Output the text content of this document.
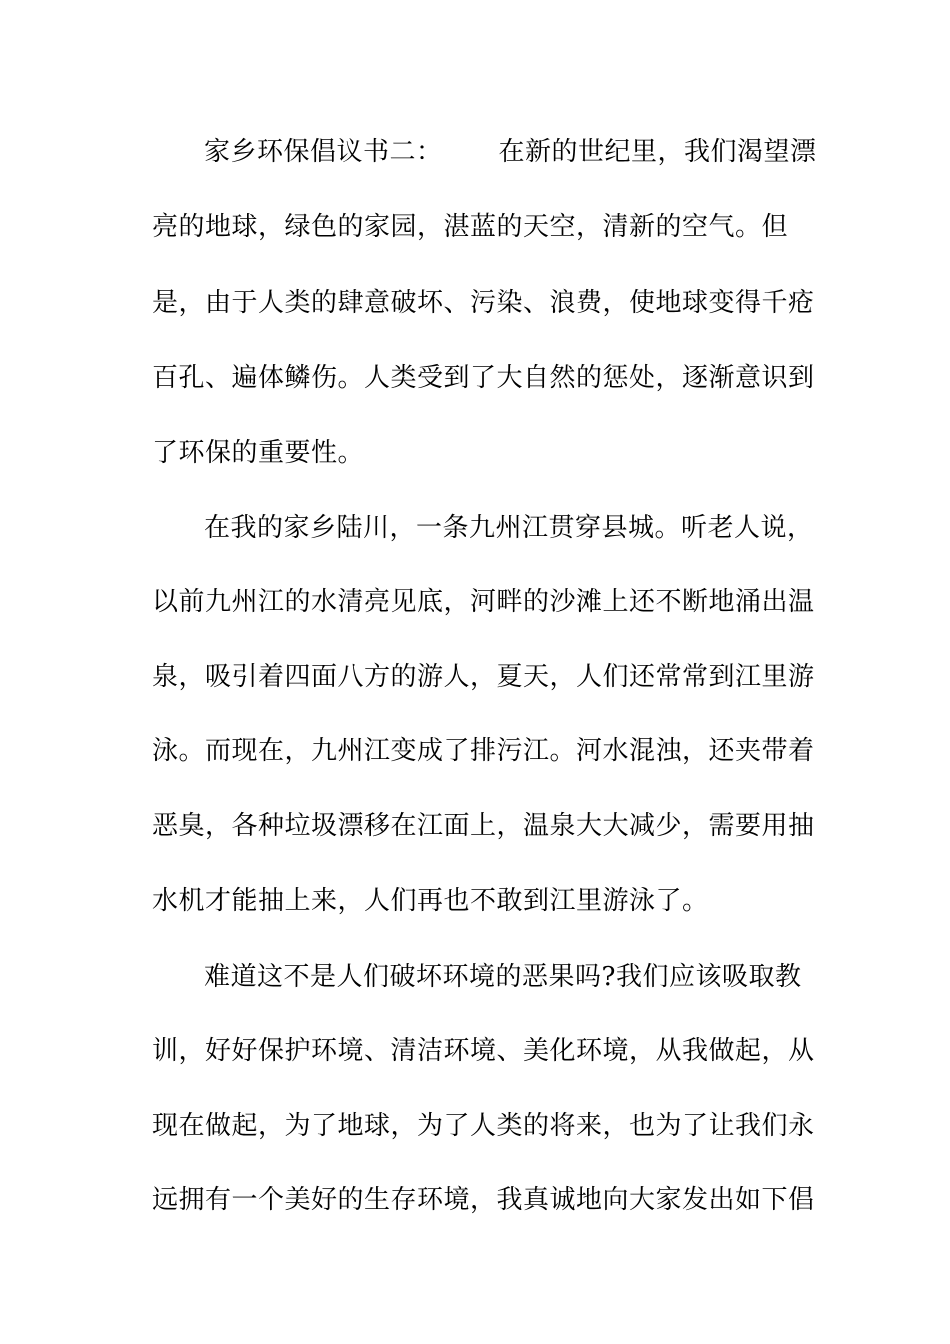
家乡环保倡议书二： 在新的世纪里，我们渴望漂
亮的地球，绿色的家园，湛蓝的天空，清新的空气。但
是，由于人类的肆意破坏、污染、浪费，使地球变得千疮
百孔、遍体鳞伤。人类受到了大自然的惩处，逐渐意识到
了环保的重要性。
在我的家乡陆川，一条九州江贯穿县城。听老人说，
以前九州江的水清亮见底，河畔的沙滩上还不断地涌出温
泉，吸引着四面八方的游人，夏天，人们还常常到江里游
泳。而现在，九州江变成了排污江。河水混浊，还夹带着
恶臭，各种垃圾漂移在江面上，温泉大大减少，需要用抽
水机才能抽上来，人们再也不敢到江里游泳了。
难道这不是人们破坏环境的恶果吗?我们应该吸取教
训，好好保护环境、清洁环境、美化环境，从我做起，从
现在做起，为了地球，为了人类的将来，也为了让我们永
远拥有一个美好的生存环境，我真诚地向大家发出如下倡
